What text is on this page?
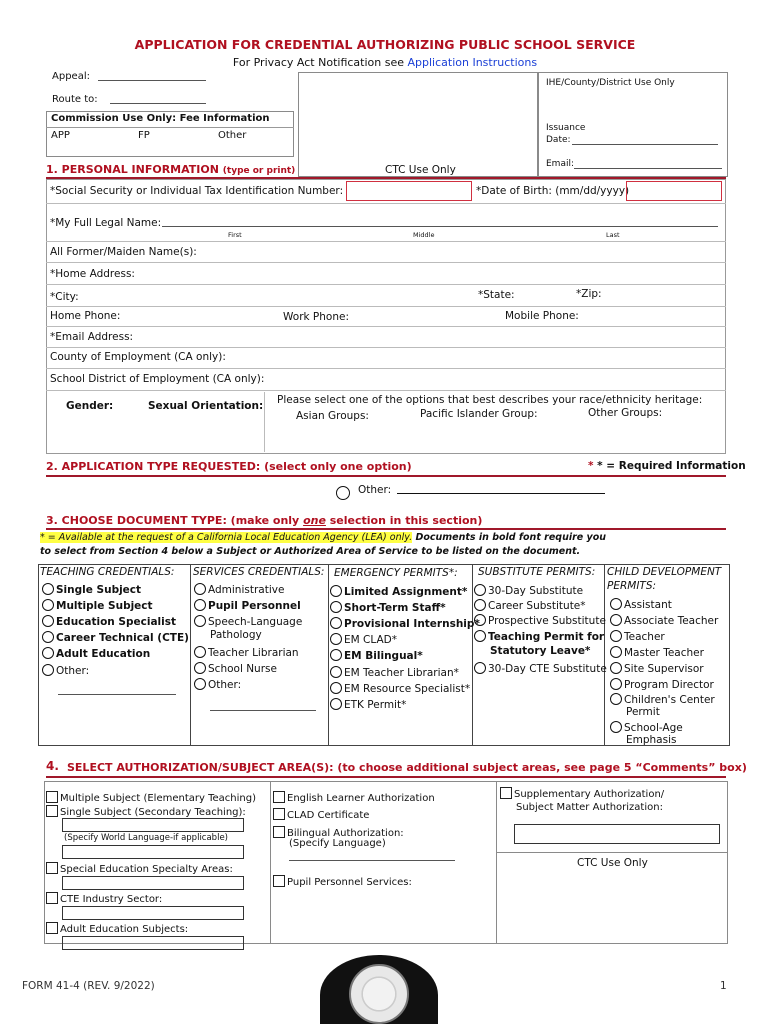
APPLICATION FOR CREDENTIAL AUTHORIZING PUBLIC SCHOOL SERVICE
For Privacy Act Notification see Application Instructions
Appeal:
Route to:
Commission Use Only: Fee Information
APP	FP	Other
CTC Use Only
IHE/County/District Use Only
Issuance
Date:
Email:
1. PERSONAL INFORMATION (type or print)
*Social Security or Individual Tax Identification Number:	*Date of Birth: (mm/dd/yyyy)
*My Full Legal Name:
First	Middle	Last
All Former/Maiden Name(s):
*Home Address:
*City:	*State:	*Zip:
Home Phone:	Work Phone:	Mobile Phone:
*Email Address:
County of Employment (CA only):
School District of Employment (CA only):
Gender:	Sexual Orientation: Please select one of the options that best describes your race/ethnicity heritage:
Asian Groups:	Pacific Islander Group:	Other Groups:
2. APPLICATION TYPE REQUESTED: (select only one option)	* * = Required Information
Other:
3. CHOOSE DOCUMENT TYPE: (make only one selection in this section)
* = Available at the request of a California Local Education Agency (LEA) only. Documents in bold font require you
to select from Section 4 below a Subject or Authorized Area of Service to be listed on the document.
TEACHING CREDENTIALS:
Single Subject
Multiple Subject
Education Specialist
Career Technical (CTE)
Adult Education
Other:
SERVICES CREDENTIALS:
Administrative
Pupil Personnel
Speech-Language
Pathology
Teacher Librarian
School Nurse
Other:
EMERGENCY PERMITS*:
Limited Assignment*
Short-Term Staff*
Provisional Internship*
EM CLAD*
EM Bilingual*
EM Teacher Librarian*
EM Resource Specialist*
ETK Permit*
SUBSTITUTE PERMITS:
30-Day Substitute
Career Substitute*
Prospective Substitute
Teaching Permit for
Statutory Leave*
30-Day CTE Substitute
CHILD DEVELOPMENT
PERMITS:
Assistant
Associate Teacher
Teacher
Master Teacher
Site Supervisor
Program Director
Children's Center
Permit
School-Age
Emphasis
4. SELECT AUTHORIZATION/SUBJECT AREA(S): (to choose additional subject areas, see page 5 “Comments” box)
Multiple Subject (Elementary Teaching)
Single Subject (Secondary Teaching):
(Specify World Language-if applicable)
Special Education Specialty Areas:
CTE Industry Sector:
Adult Education Subjects:
English Learner Authorization
CLAD Certificate
Bilingual Authorization:
(Specify Language)
Pupil Personnel Services:
Supplementary Authorization/
Subject Matter Authorization:
CTC Use Only
FORM 41-4 (REV. 9/2022)	1
